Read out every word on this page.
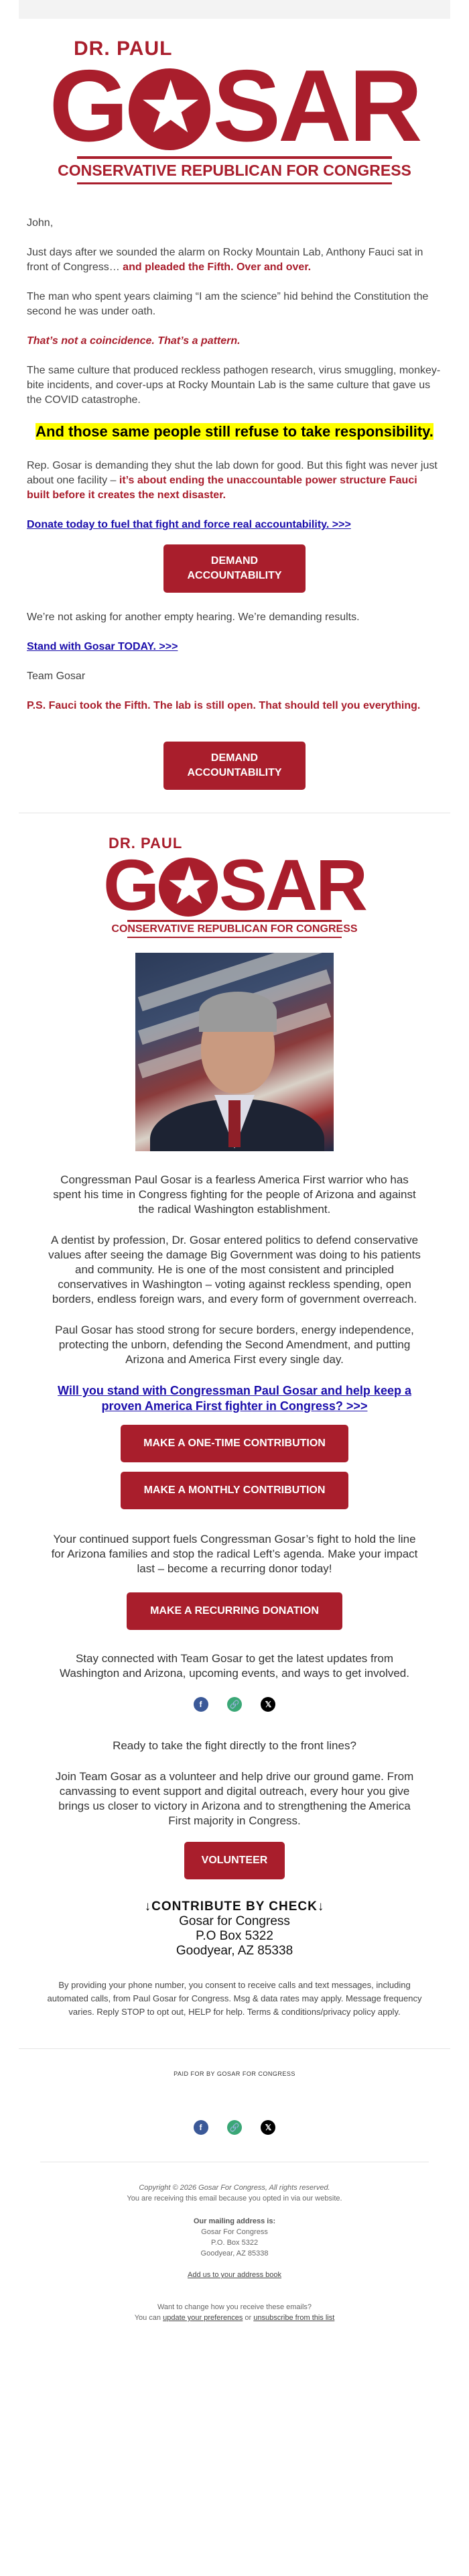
DR. PAUL
G ★ SAR
CONSERVATIVE REPUBLICAN FOR CONGRESS

John,

Just days after we sounded the alarm on Rocky Mountain Lab, Anthony Fauci sat in front of Congress… and pleaded the Fifth. Over and over.

The man who spent years claiming “I am the science” hid behind the Constitution the second he was under oath.

That’s not a coincidence. That’s a pattern.

The same culture that produced reckless pathogen research, virus smuggling, monkey-bite incidents, and cover-ups at Rocky Mountain Lab is the same culture that gave us the COVID catastrophe.

And those same people still refuse to take responsibility.

Rep. Gosar is demanding they shut the lab down for good. But this fight was never just about one facility – it’s about ending the unaccountable power structure Fauci built before it creates the next disaster.

Donate today to fuel that fight and force real accountability. >>>

DEMAND ACCOUNTABILITY

We’re not asking for another empty hearing. We’re demanding results.

Stand with Gosar TODAY. >>>

Team Gosar

P.S. Fauci took the Fifth. The lab is still open. That should tell you everything.

DEMAND ACCOUNTABILITY
DR. PAUL
G ★ SAR
CONSERVATIVE REPUBLICAN FOR CONGRESS

Congressman Paul Gosar is a fearless America First warrior who has spent his time in Congress fighting for the people of Arizona and against the radical Washington establishment.

A dentist by profession, Dr. Gosar entered politics to defend conservative values after seeing the damage Big Government was doing to his patients and community. He is one of the most consistent and principled conservatives in Washington – voting against reckless spending, open borders, endless foreign wars, and every form of government overreach.

Paul Gosar has stood strong for secure borders, energy independence, protecting the unborn, defending the Second Amendment, and putting Arizona and America First every single day.

Will you stand with Congressman Paul Gosar and help keep a proven America First fighter in Congress? >>>

MAKE A ONE-TIME CONTRIBUTION
MAKE A MONTHLY CONTRIBUTION

Your continued support fuels Congressman Gosar’s fight to hold the line for Arizona families and stop the radical Left’s agenda. Make your impact last – become a recurring donor today!

MAKE A RECURRING DONATION

Stay connected with Team Gosar to get the latest updates from Washington and Arizona, upcoming events, and ways to get involved.

f	🔗	𝕏

Ready to take the fight directly to the front lines?

Join Team Gosar as a volunteer and help drive our ground game. From canvassing to event support and digital outreach, every hour you give brings us closer to victory in Arizona and to strengthening the America First majority in Congress.

VOLUNTEER
↓CONTRIBUTE BY CHECK↓
Gosar for Congress
P.O Box 5322
Goodyear, AZ 85338
By providing your phone number, you consent to receive calls and text messages, including automated calls, from Paul Gosar for Congress. Msg & data rates may apply. Message frequency varies. Reply STOP to opt out, HELP for help. Terms & conditions/privacy policy apply.
PAID FOR BY GOSAR FOR CONGRESS
f	🔗	𝕏
Copyright © 2026 Gosar For Congress, All rights reserved.
You are receiving this email because you opted in via our website.
Our mailing address is:
Gosar For Congress
P.O. Box 5322
Goodyear, AZ 85338
Add us to your address book
Want to change how you receive these emails?
You can update your preferences or unsubscribe from this list
